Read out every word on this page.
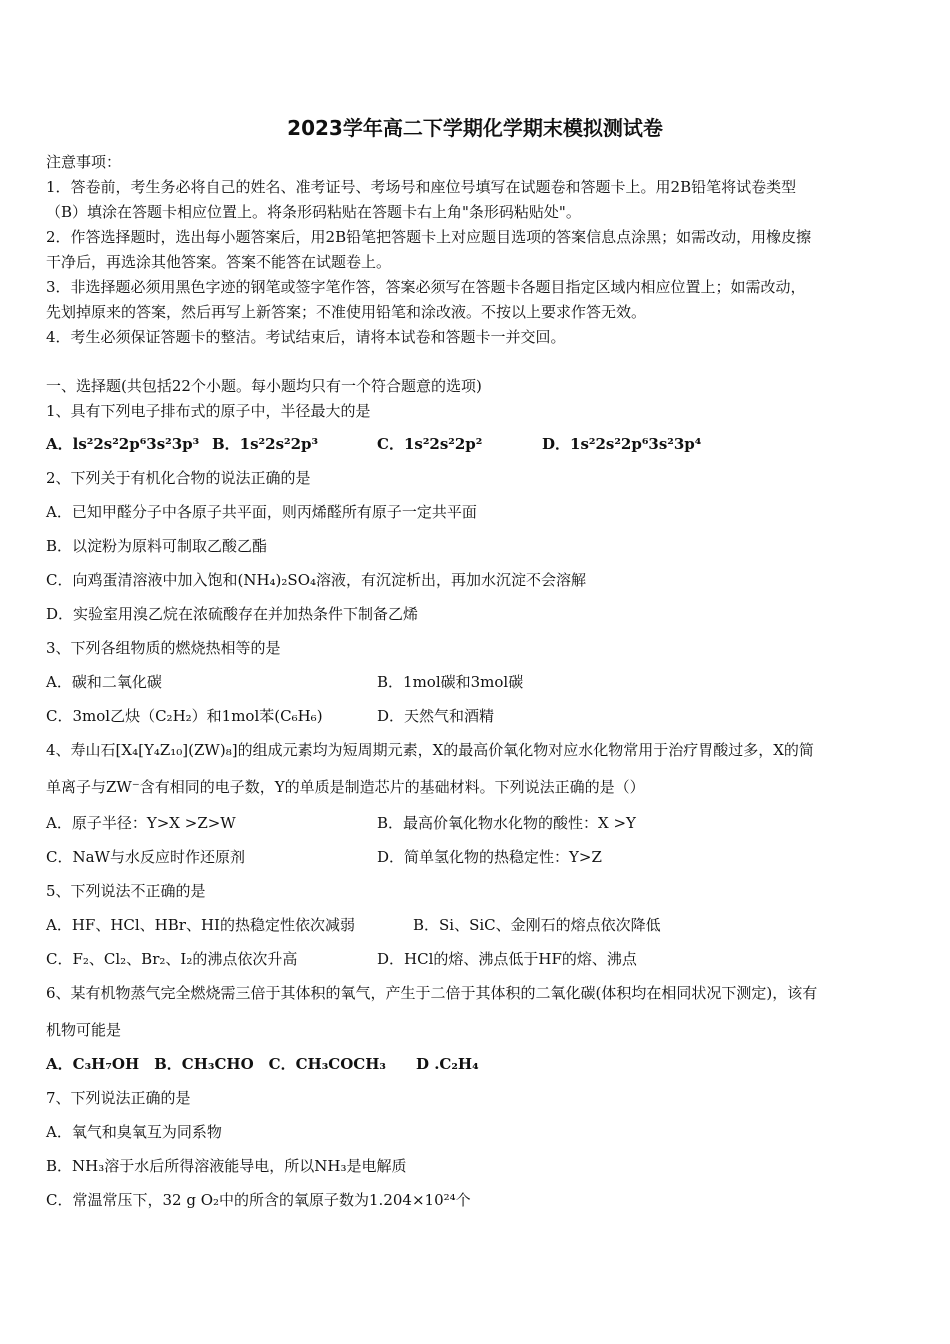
2023学年高二下学期化学期末模拟测试卷
注意事项：
1．答卷前，考生务必将自己的姓名、准考证号、考场号和座位号填写在试题卷和答题卡上。用2B铅笔将试卷类型
（B）填涂在答题卡相应位置上。将条形码粘贴在答题卡右上角"条形码粘贴处"。
2．作答选择题时，选出每小题答案后，用2B铅笔把答题卡上对应题目选项的答案信息点涂黑；如需改动，用橡皮擦
干净后，再选涂其他答案。答案不能答在试题卷上。
3．非选择题必须用黑色字迹的钢笔或签字笔作答，答案必须写在答题卡各题目指定区域内相应位置上；如需改动，
先划掉原来的答案，然后再写上新答案；不准使用铅笔和涂改液。不按以上要求作答无效。
4．考生必须保证答题卡的整洁。考试结束后，请将本试卷和答题卡一并交回。
一、选择题(共包括22个小题。每小题均只有一个符合题意的选项)
1、具有下列电子排布式的原子中，半径最大的是
A．ls²2s²2p⁶3s²3p³ B．1s²2s²2p³	C．1s²2s²2p²	D．1s²2s²2p⁶3s²3p⁴
2、下列关于有机化合物的说法正确的是
A．已知甲醛分子中各原子共平面，则丙烯醛所有原子一定共平面
B．以淀粉为原料可制取乙酸乙酯
C．向鸡蛋清溶液中加入饱和(NH₄)₂SO₄溶液，有沉淀析出，再加水沉淀不会溶解
D．实验室用溴乙烷在浓硫酸存在并加热条件下制备乙烯
3、下列各组物质的燃烧热相等的是
A．碳和二氧化碳	B．1mol碳和3mol碳
C．3mol乙炔（C₂H₂）和1mol苯(C₆H₆)	D．天然气和酒精
4、寿山石[X₄[Y₄Z₁₀](ZW)₈]的组成元素均为短周期元素，X的最高价氧化物对应水化物常用于治疗胃酸过多，X的简
单离子与ZW⁻含有相同的电子数，Y的单质是制造芯片的基础材料。下列说法正确的是（）
A．原子半径：Y>X >Z>W	B．最高价氧化物水化物的酸性：X >Y
C．NaW与水反应时作还原剂	D．简单氢化物的热稳定性：Y>Z
5、下列说法不正确的是
A．HF、HCl、HBr、HI的热稳定性依次减弱	B．Si、SiC、金刚石的熔点依次降低
C．F₂、Cl₂、Br₂、I₂的沸点依次升高	D．HCl的熔、沸点低于HF的熔、沸点
6、某有机物蒸气完全燃烧需三倍于其体积的氧气，产生于二倍于其体积的二氧化碳(体积均在相同状况下测定)，该有
机物可能是
A．C₃H₇OH　B．CH₃CHO　C．CH₃COCH₃　　D .C₂H₄
7、下列说法正确的是
A．氧气和臭氧互为同系物
B．NH₃溶于水后所得溶液能导电，所以NH₃是电解质
C．常温常压下，32 g O₂中的所含的氧原子数为1.204×10²⁴个
